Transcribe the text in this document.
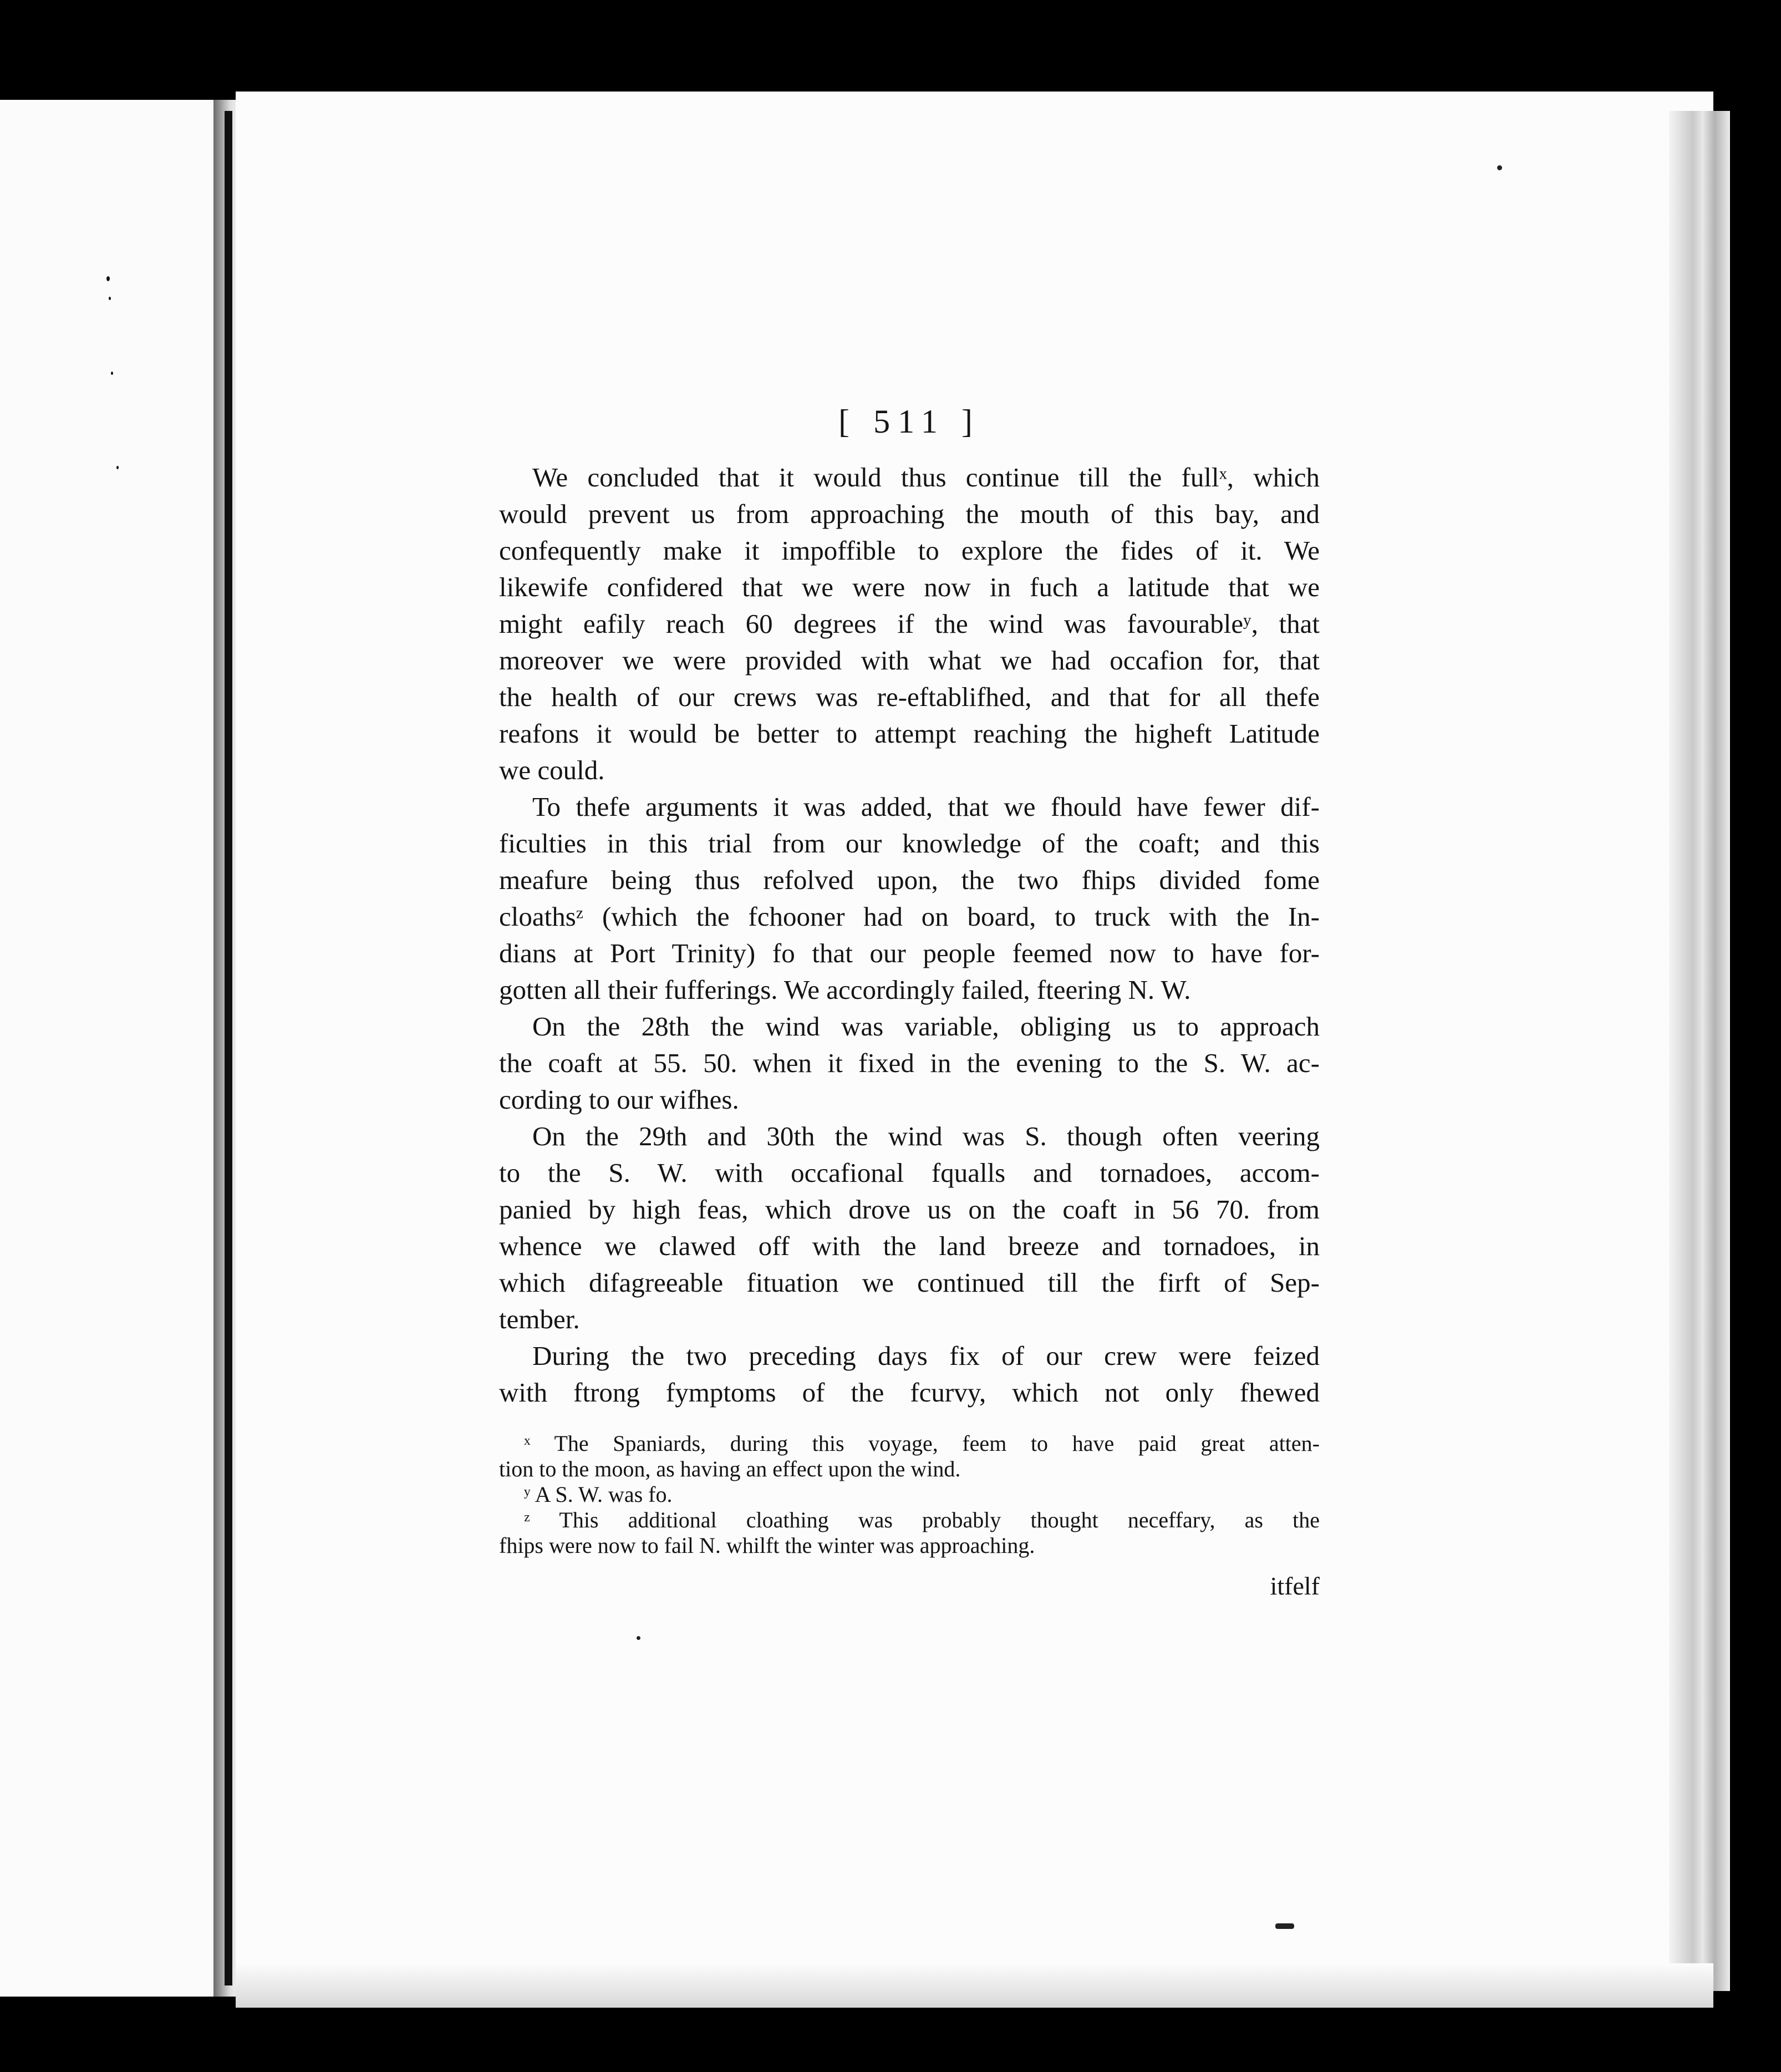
[ 511 ]
We concluded that it would thus continue till the fullˣ, which
would prevent us from approaching the mouth of this bay, and
confequently make it impoffible to explore the fides of it. We
likewife confidered that we were now in fuch a latitude that we
might eafily reach 60 degrees if the wind was favourableʸ, that
moreover we were provided with what we had occafion for, that
the health of our crews was re-eftablifhed, and that for all thefe
reafons it would be better to attempt reaching the higheft Latitude
we could.
To thefe arguments it was added, that we fhould have fewer dif-
ficulties in this trial from our knowledge of the coaft; and this
meafure being thus refolved upon, the two fhips divided fome
cloathsᶻ (which the fchooner had on board, to truck with the In-
dians at Port Trinity) fo that our people feemed now to have for-
gotten all their fufferings. We accordingly failed, fteering N. W.
On the 28th the wind was variable, obliging us to approach
the coaft at 55. 50. when it fixed in the evening to the S. W. ac-
cording to our wifhes.
On the 29th and 30th the wind was S. though often veering
to the S. W. with occafional fqualls and tornadoes, accom-
panied by high feas, which drove us on the coaft in 56 70. from
whence we clawed off with the land breeze and tornadoes, in
which difagreeable fituation we continued till the firft of Sep-
tember.
During the two preceding days fix of our crew were feized
with ftrong fymptoms of the fcurvy, which not only fhewed
ˣ The Spaniards, during this voyage, feem to have paid great atten-
tion to the moon, as having an effect upon the wind.
ʸ A S. W. was fo.
ᶻ This additional cloathing was probably thought neceffary, as the
fhips were now to fail N. whilft the winter was approaching.
itfelf
